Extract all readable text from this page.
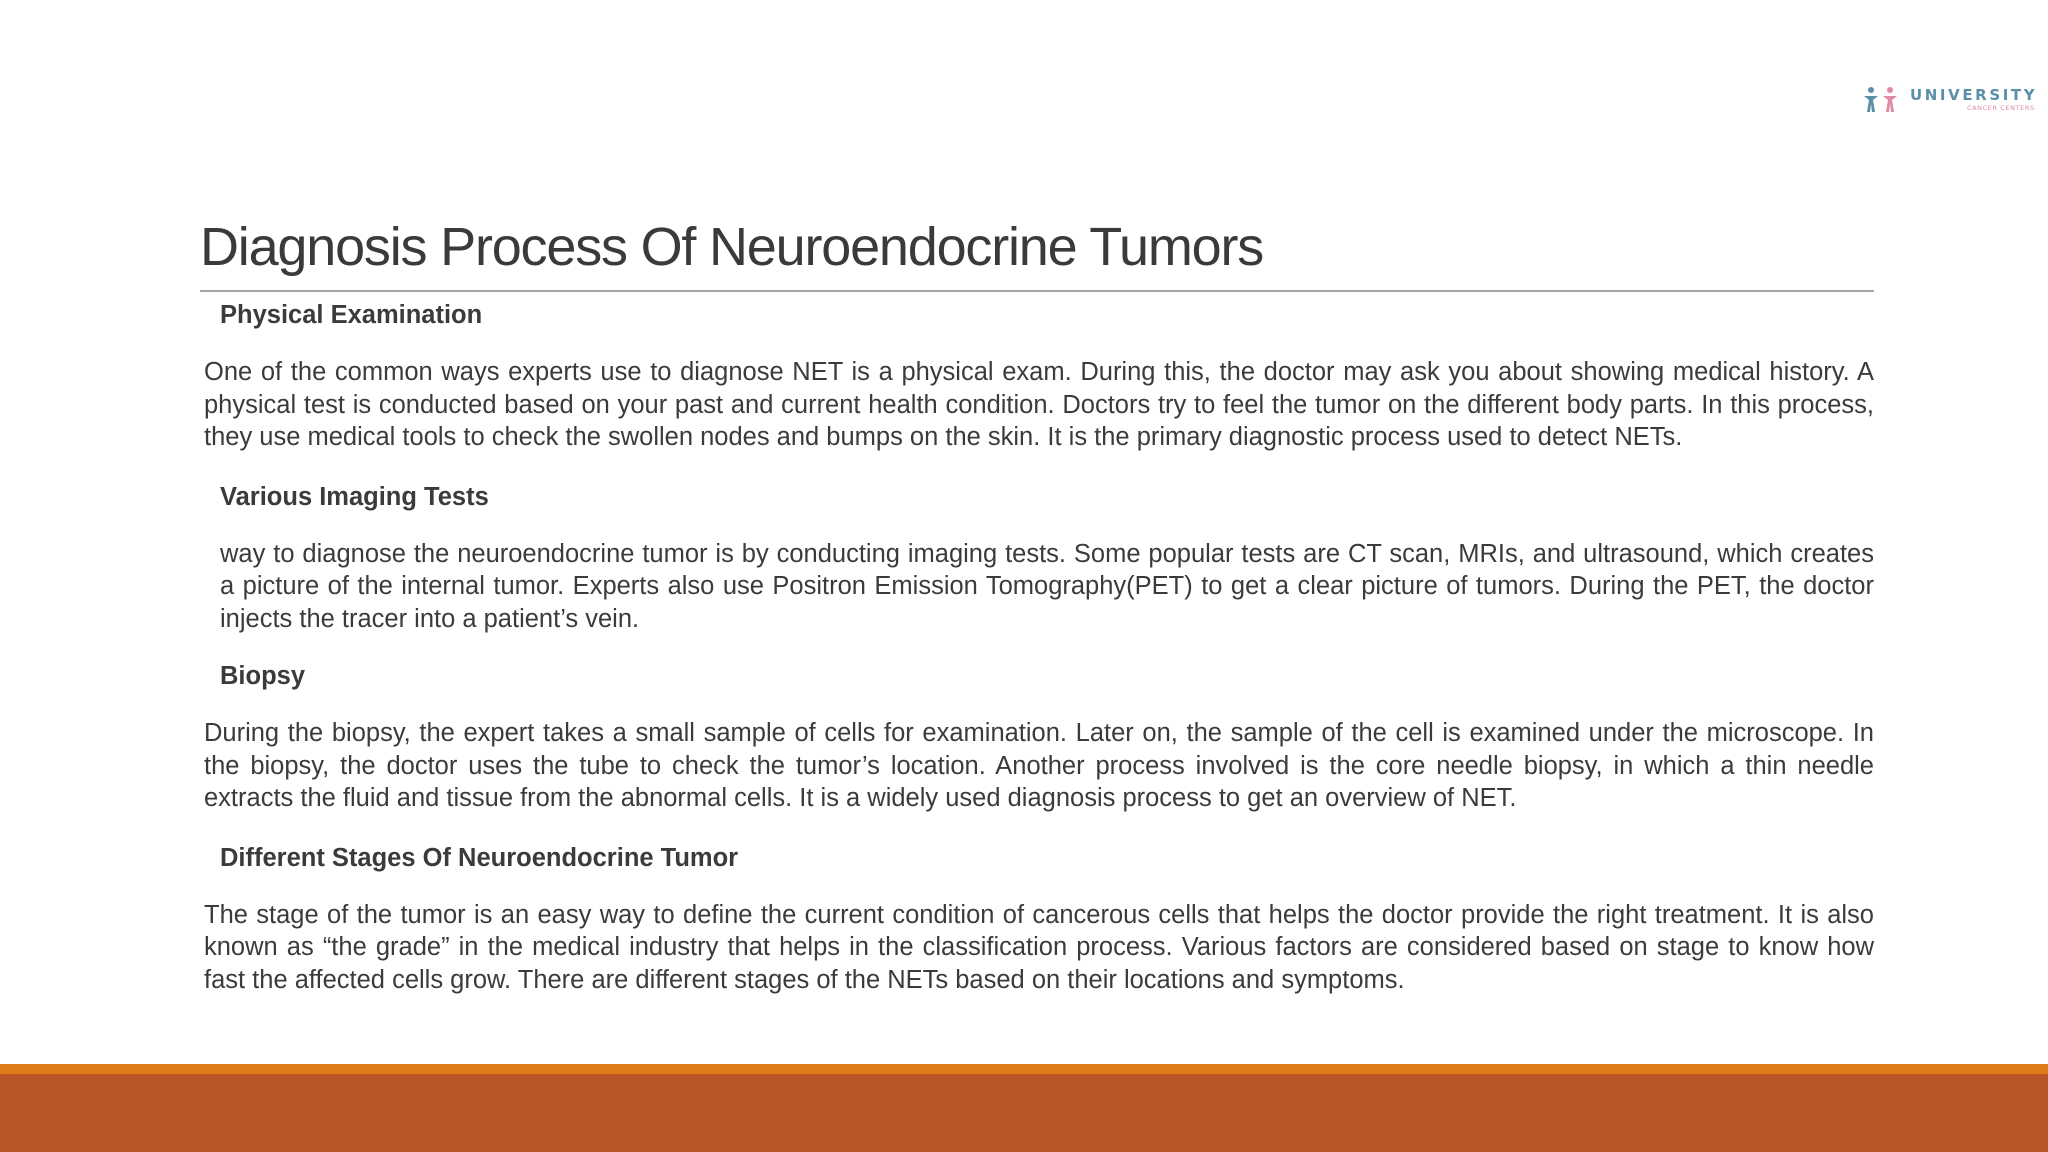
UNIVERSITY
CANCER CENTERS
Diagnosis Process Of Neuroendocrine Tumors

Physical Examination

One of the common ways experts use to diagnose NET is a physical exam. During this, the doctor may ask you about showing medical history. A physical test is conducted based on your past and current health condition. Doctors try to feel the tumor on the different body parts. In this process, they use medical tools to check the swollen nodes and bumps on the skin. It is the primary diagnostic process used to detect NETs.

Various Imaging Tests

way to diagnose the neuroendocrine tumor is by conducting imaging tests. Some popular tests are CT scan, MRIs, and ultrasound, which creates a picture of the internal tumor. Experts also use Positron Emission Tomography(PET) to get a clear picture of tumors. During the PET, the doctor injects the tracer into a patient’s vein.

Biopsy

During the biopsy, the expert takes a small sample of cells for examination. Later on, the sample of the cell is examined under the microscope. In the biopsy, the doctor uses the tube to check the tumor’s location. Another process involved is the core needle biopsy, in which a thin needle extracts the fluid and tissue from the abnormal cells. It is a widely used diagnosis process to get an overview of NET.

Different Stages Of Neuroendocrine Tumor

The stage of the tumor is an easy way to define the current condition of cancerous cells that helps the doctor provide the right treatment. It is also known as “the grade” in the medical industry that helps in the classification process. Various factors are considered based on stage to know how fast the affected cells grow. There are different stages of the NETs based on their locations and symptoms.
